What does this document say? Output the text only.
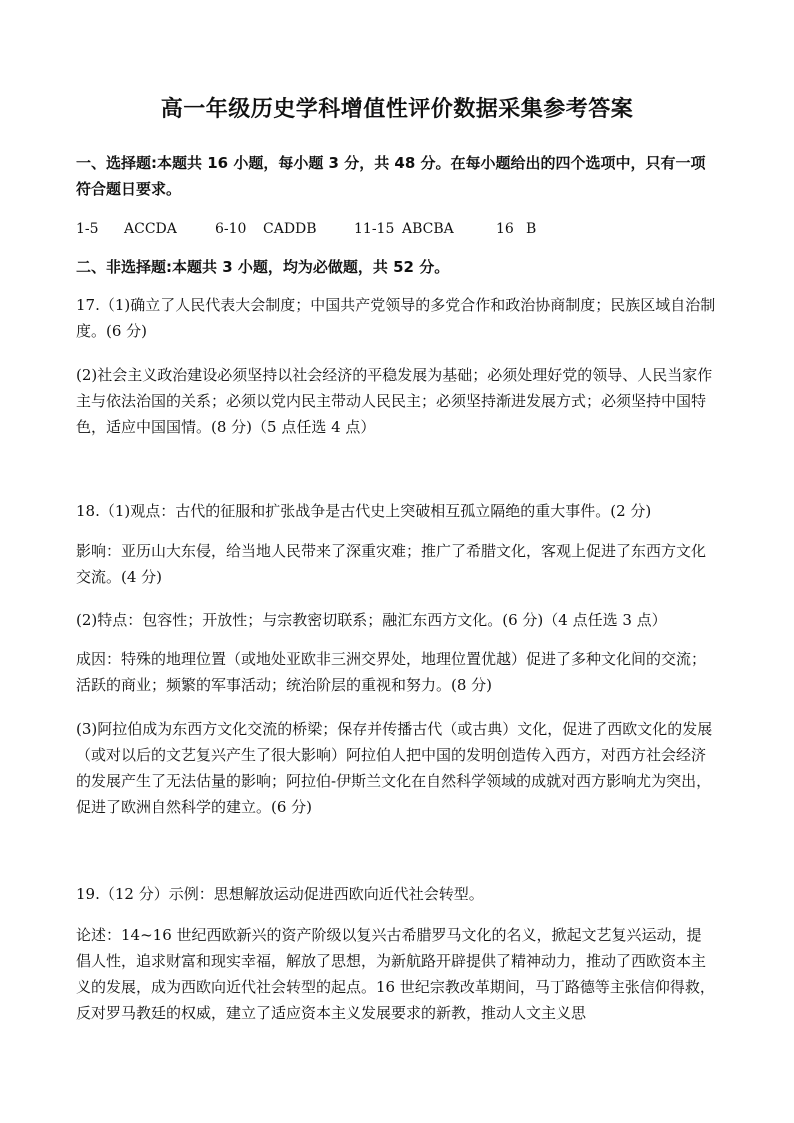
高一年级历史学科增值性评价数据采集参考答案

一、选择题:本题共 16 小题，每小题 3 分，共 48 分。在每小题给出的四个选项中，只有一项符合题日要求。

1-5 ACCDA	6-10 CADDB	11-15 ABCBA	16 B

二、非选择题:本题共 3 小题，均为必做题，共 52 分。

17.（1)确立了人民代表大会制度；中国共产党领导的多党合作和政治协商制度；民族区域自治制度。(6 分)

(2)社会主义政治建设必须坚持以社会经济的平稳发展为基础；必须处理好党的领导、人民当家作主与依法治国的关系；必须以党内民主带动人民民主；必须坚持渐进发展方式；必须坚持中国特色，适应中国国情。(8 分)（5 点任选 4 点）

18.（1)观点：古代的征服和扩张战争是古代史上突破相互孤立隔绝的重大事件。(2 分)

影响：亚历山大东侵，给当地人民带来了深重灾难；推广了希腊文化，客观上促进了东西方文化交流。(4 分)

(2)特点：包容性；开放性；与宗教密切联系；融汇东西方文化。(6 分)（4 点任选 3 点）

成因：特殊的地理位置（或地处亚欧非三洲交界处，地理位置优越）促进了多种文化间的交流；活跃的商业；频繁的军事活动；统治阶层的重视和努力。(8 分)

(3)阿拉伯成为东西方文化交流的桥梁；保存并传播古代（或古典）文化，促进了西欧文化的发展（或对以后的文艺复兴产生了很大影响）阿拉伯人把中国的发明创造传入西方，对西方社会经济的发展产生了无法估量的影响；阿拉伯-伊斯兰文化在自然科学领域的成就对西方影响尤为突出，促进了欧洲自然科学的建立。(6 分)

19.（12 分）示例：思想解放运动促进西欧向近代社会转型。

论述：14~16 世纪西欧新兴的资产阶级以复兴古希腊罗马文化的名义，掀起文艺复兴运动，提倡人性，追求财富和现实幸福，解放了思想，为新航路开辟提供了精神动力，推动了西欧资本主义的发展，成为西欧向近代社会转型的起点。16 世纪宗教改革期间，马丁路德等主张信仰得救，反对罗马教廷的权威，建立了适应资本主义发展要求的新教，推动人文主义思
